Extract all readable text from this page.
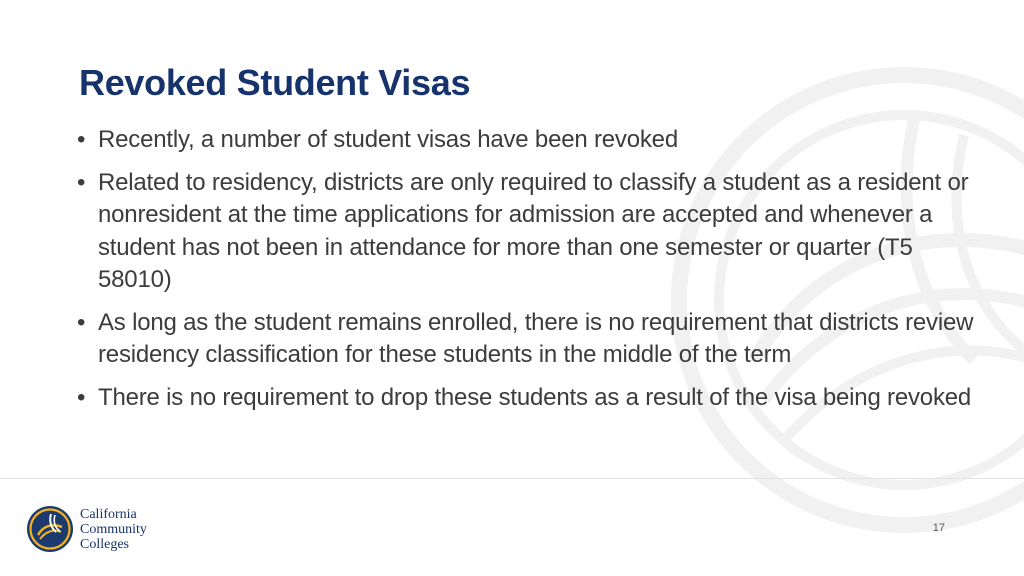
Revoked Student Visas
• Recently, a number of student visas have been revoked
• Related to residency, districts are only required to classify a student as a resident or nonresident at the time applications for admission are accepted and whenever a student has not been in attendance for more than one semester or quarter (T5 58010)
• As long as the student remains enrolled, there is no requirement that districts review residency classification for these students in the middle of the term
• There is no requirement to drop these students as a result of the visa being revoked
California
Community
Colleges
17
